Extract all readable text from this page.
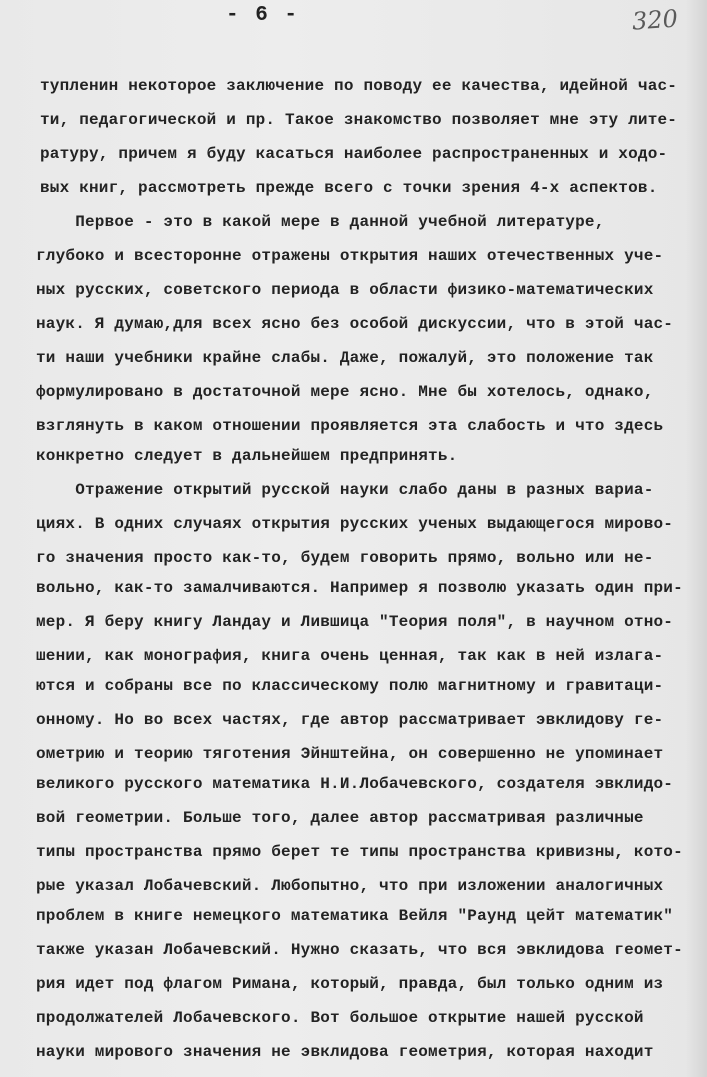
- 6 -	320
тупленин некоторое заключение по поводу ее качества, идейной час-
ти, педагогической и пр. Такое знакомство позволяет мне эту лите-
ратуру, причем я буду касаться наиболее распространенных и ходо-
вых книг, рассмотреть прежде всего с точки зрения 4-х аспектов.
Первое - это в какой мере в данной учебной литературе,
глубоко и всесторонне отражены открытия наших отечественных уче-
ных русских, советского периода в области физико-математических
наук. Я думаю,для всех ясно без особой дискуссии, что в этой час-
ти наши учебники крайне слабы. Даже, пожалуй, это положение так
формулировано в достаточной мере ясно. Мне бы хотелось, однако,
взглянуть в каком отношении проявляется эта слабость и что здесь
конкретно следует в дальнейшем предпринять.
Отражение открытий русской науки слабо даны в разных вариа-
циях. В одних случаях открытия русских ученых выдающегося мирово-
го значения просто как-то, будем говорить прямо, вольно или не-
вольно, как-то замалчиваются. Например я позволю указать один при-
мер. Я беру книгу Ландау и Лившица "Теория поля", в научном отно-
шении, как монография, книга очень ценная, так как в ней излага-
ются и собраны все по классическому полю магнитному и гравитаци-
онному. Но во всех частях, где автор рассматривает эвклидову ге-
ометрию и теорию тяготения Эйнштейна, он совершенно не упоминает
великого русского математика Н.И.Лобачевского, создателя эвклидо-
вой геометрии. Больше того, далее автор рассматривая различные
типы пространства прямо берет те типы пространства кривизны, кото-
рые указал Лобачевский. Любопытно, что при изложении аналогичных
проблем в книге немецкого математика Вейля "Раунд цейт математик"
также указан Лобачевский. Нужно сказать, что вся эвклидова геомет-
рия идет под флагом Римана, который, правда, был только одним из
продолжателей Лобачевского. Вот большое открытие нашей русской
науки мирового значения не эвклидова геометрия, которая находит
